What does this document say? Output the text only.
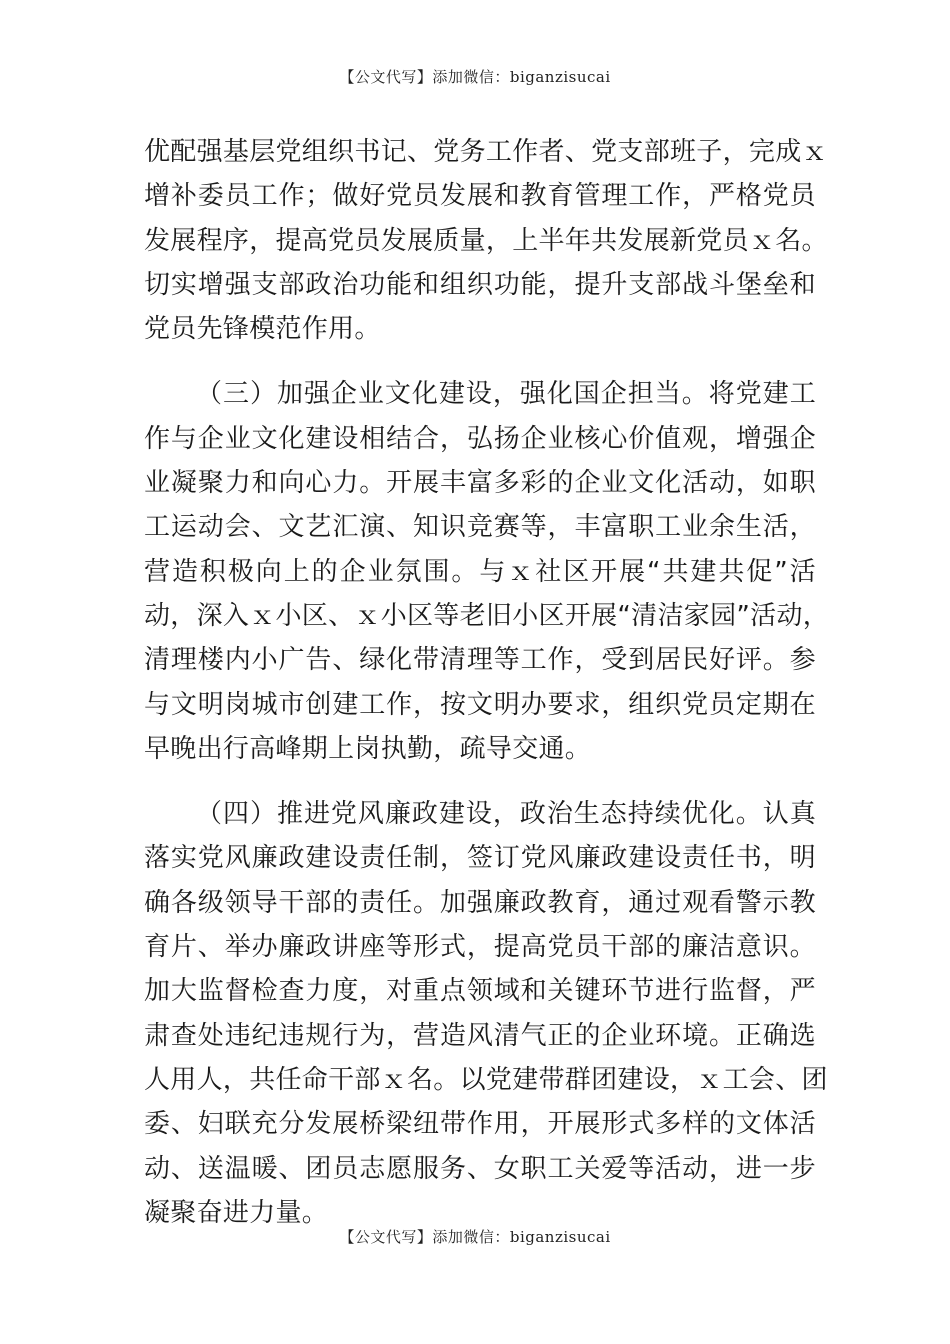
【公文代写】添加微信：biganzisucai
优配强基层党组织书记、党务工作者、党支部班子，完成ｘ
增补委员工作；做好党员发展和教育管理工作，严格党员
发展程序，提高党员发展质量，上半年共发展新党员ｘ名。
切实增强支部政治功能和组织功能，提升支部战斗堡垒和
党员先锋模范作用。
（三）加强企业文化建设，强化国企担当。将党建工
作与企业文化建设相结合，弘扬企业核心价值观，增强企
业凝聚力和向心力。开展丰富多彩的企业文化活动，如职
工运动会、文艺汇演、知识竞赛等，丰富职工业余生活，
营造积极向上的企业氛围。与ｘ社区开展“共建共促”活
动，深入ｘ小区、ｘ小区等老旧小区开展“清洁家园”活动，
清理楼内小广告、绿化带清理等工作，受到居民好评。参
与文明岗城市创建工作，按文明办要求，组织党员定期在
早晚出行高峰期上岗执勤，疏导交通。
（四）推进党风廉政建设，政治生态持续优化。认真
落实党风廉政建设责任制，签订党风廉政建设责任书，明
确各级领导干部的责任。加强廉政教育，通过观看警示教
育片、举办廉政讲座等形式，提高党员干部的廉洁意识。
加大监督检查力度，对重点领域和关键环节进行监督，严
肃查处违纪违规行为，营造风清气正的企业环境。正确选
人用人，共任命干部ｘ名。以党建带群团建设，ｘ工会、团
委、妇联充分发展桥梁纽带作用，开展形式多样的文体活
动、送温暖、团员志愿服务、女职工关爱等活动，进一步
凝聚奋进力量。
【公文代写】添加微信：biganzisucai
